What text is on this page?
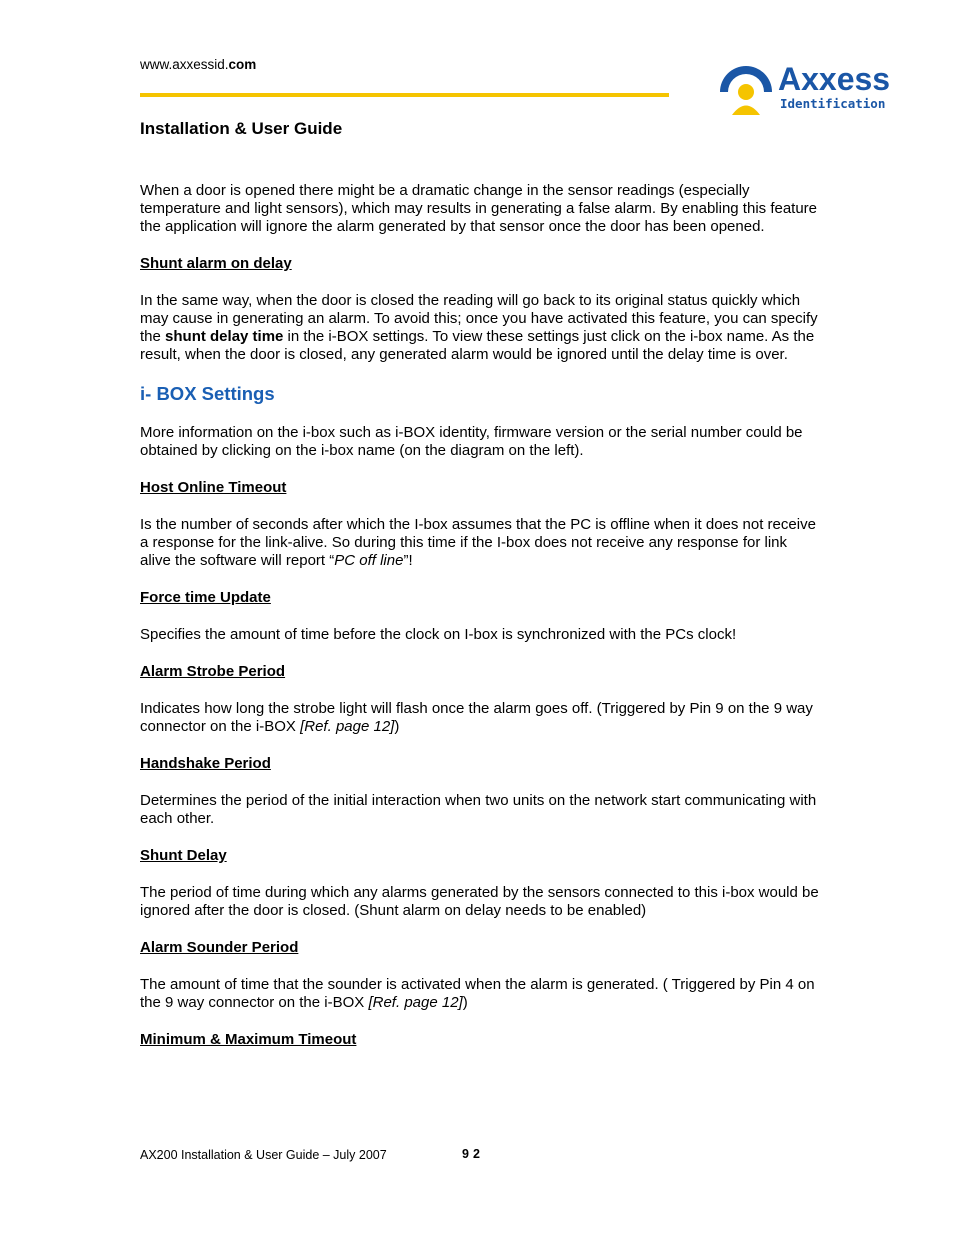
www.axxessid.com	Axxess
Identification
Installation & User Guide

When a door is opened there might be a dramatic change in the sensor readings (especially temperature and light sensors), which may results in generating a false alarm. By enabling this feature the application will ignore the alarm generated by that sensor once the door has been opened.

Shunt alarm on delay

In the same way, when the door is closed the reading will go back to its original status quickly which may cause in generating an alarm. To avoid this; once you have activated this feature, you can specify the shunt delay time in the i-BOX settings. To view these settings just click on the i-box name. As the result, when the door is closed, any generated alarm would be ignored until the delay time is over.

i- BOX Settings

More information on the i-box such as i-BOX identity, firmware version or the serial number could be obtained by clicking on the i-box name (on the diagram on the left).

Host Online Timeout

Is the number of seconds after which the I-box assumes that the PC is offline when it does not receive a response for the link-alive. So during this time if the I-box does not receive any response for link alive the software will report “PC off line”!

Force time Update

Specifies the amount of time before the clock on I-box is synchronized with the PCs clock!

Alarm Strobe Period

Indicates how long the strobe light will flash once the alarm goes off. (Triggered by Pin 9 on the 9 way connector on the i-BOX [Ref. page 12])

Handshake Period

Determines the period of the initial interaction when two units on the network start communicating with each other.

Shunt Delay

The period of time during which any alarms generated by the sensors connected to this i-box would be ignored after the door is closed. (Shunt alarm on delay needs to be enabled)

Alarm Sounder Period

The amount of time that the sounder is activated when the alarm is generated. ( Triggered by Pin 4 on the 9 way connector on the i-BOX [Ref. page 12])

Minimum & Maximum Timeout
AX200 Installation & User Guide – July 2007	92
